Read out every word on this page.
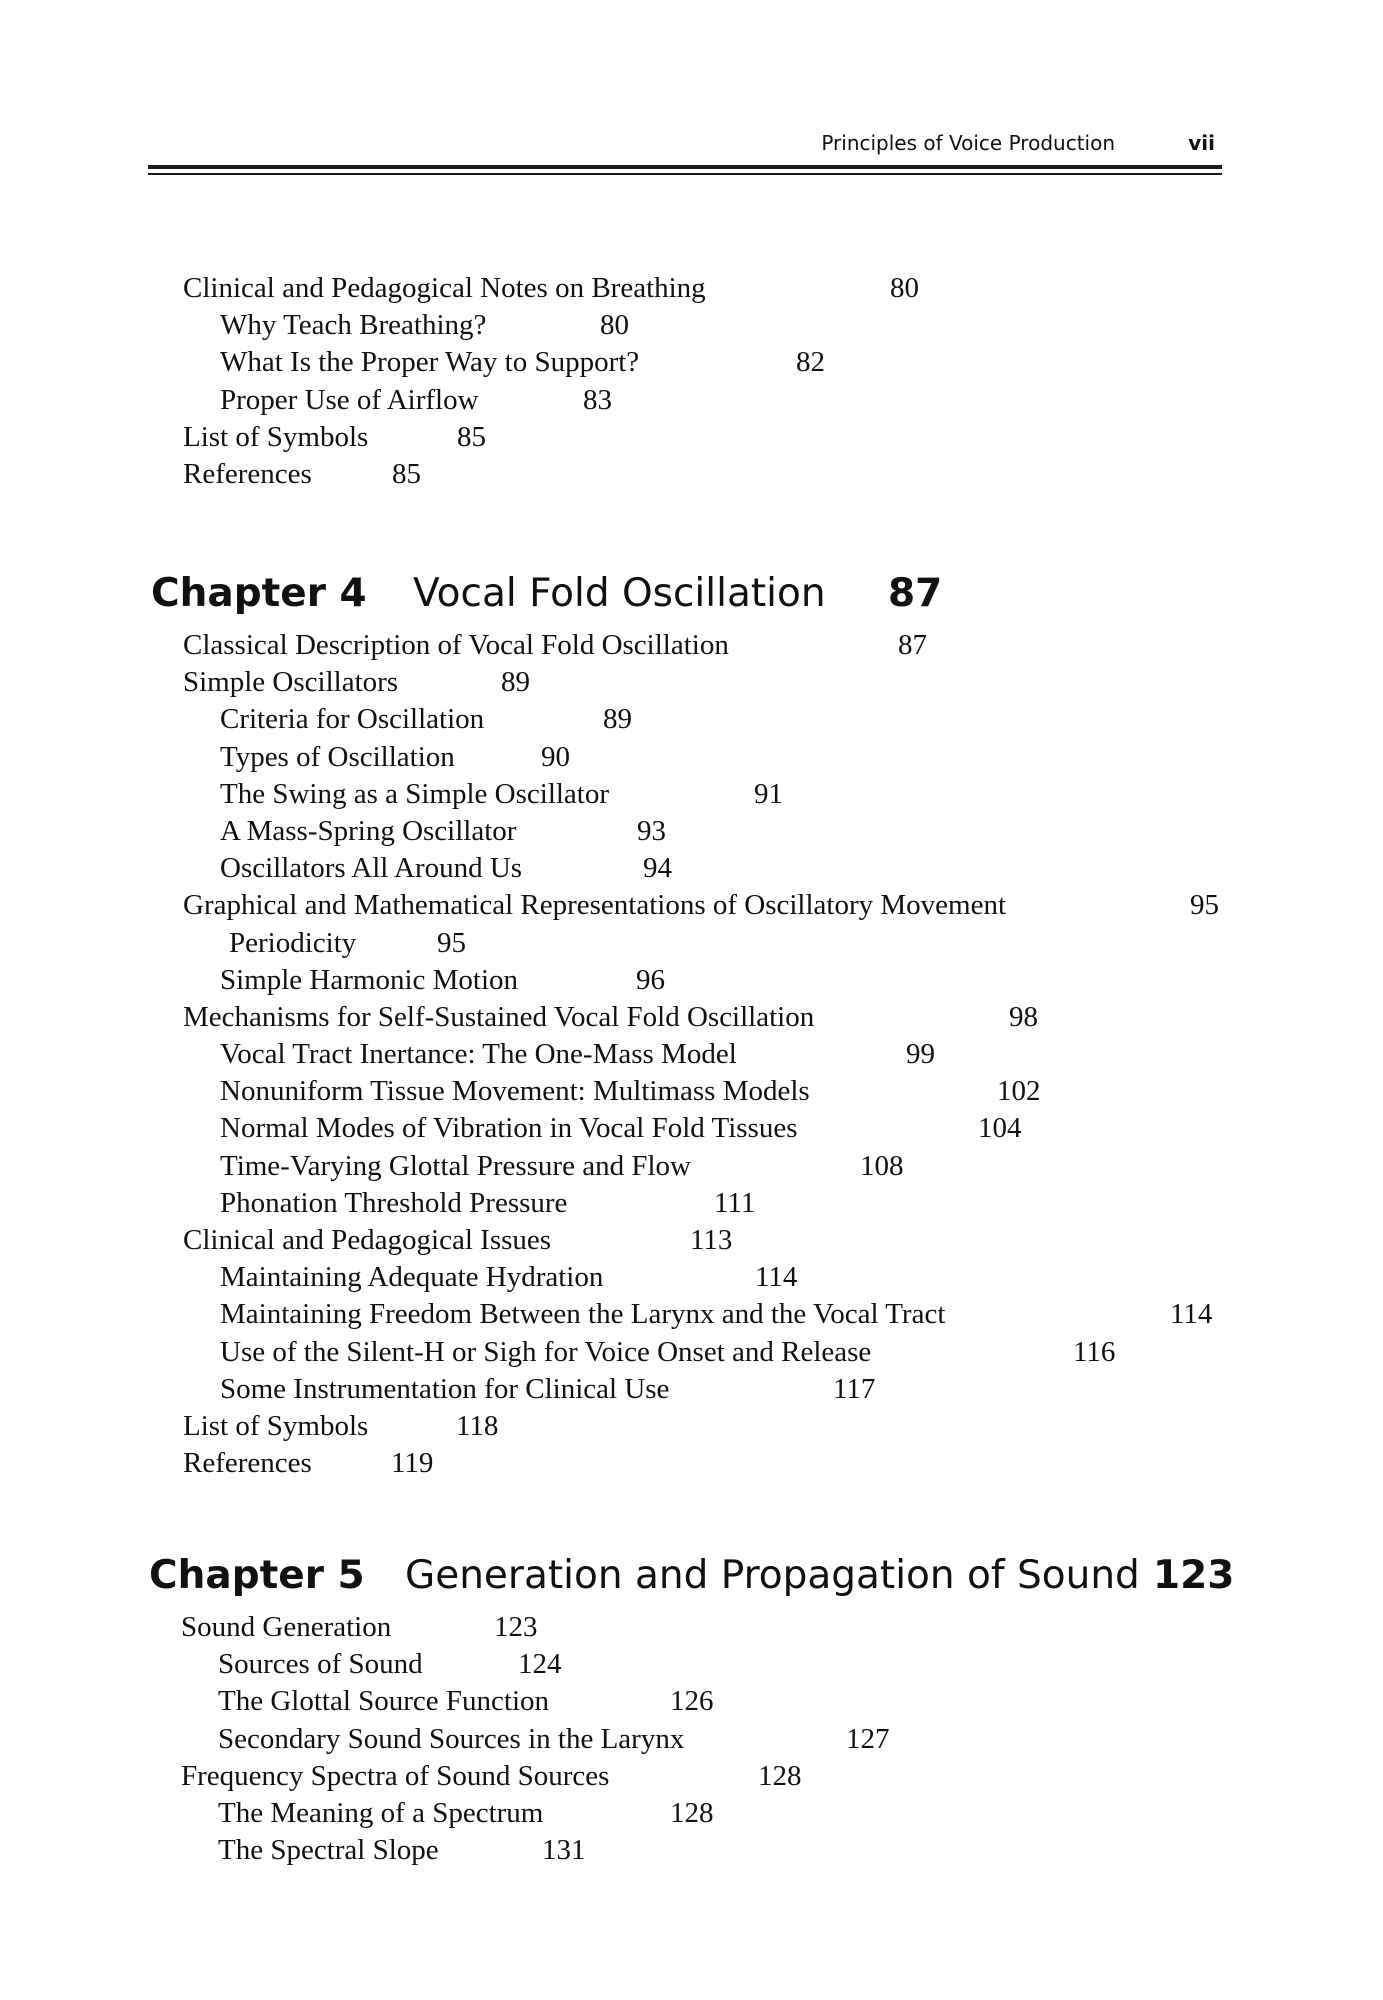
Principles of Voice Production	vii
Clinical and Pedagogical Notes on Breathing	80
Why Teach Breathing?	80
What Is the Proper Way to Support?	82
Proper Use of Airflow	83
List of Symbols	85
References	85
Chapter 4 Vocal Fold Oscillation 87
Classical Description of Vocal Fold Oscillation	87
Simple Oscillators	89
Criteria for Oscillation	89
Types of Oscillation	90
The Swing as a Simple Oscillator	91
A Mass-Spring Oscillator	93
Oscillators All Around Us	94
Graphical and Mathematical Representations of Oscillatory Movement	95
Periodicity	95
Simple Harmonic Motion	96
Mechanisms for Self-Sustained Vocal Fold Oscillation	98
Vocal Tract Inertance: The One-Mass Model	99
Nonuniform Tissue Movement: Multimass Models	102
Normal Modes of Vibration in Vocal Fold Tissues	104
Time-Varying Glottal Pressure and Flow	108
Phonation Threshold Pressure	111
Clinical and Pedagogical Issues	113
Maintaining Adequate Hydration	114
Maintaining Freedom Between the Larynx and the Vocal Tract	114
Use of the Silent-H or Sigh for Voice Onset and Release	116
Some Instrumentation for Clinical Use	117
List of Symbols	118
References	119
Chapter 5 Generation and Propagation of Sound 123
Sound Generation	123
Sources of Sound	124
The Glottal Source Function	126
Secondary Sound Sources in the Larynx	127
Frequency Spectra of Sound Sources	128
The Meaning of a Spectrum	128
The Spectral Slope	131
